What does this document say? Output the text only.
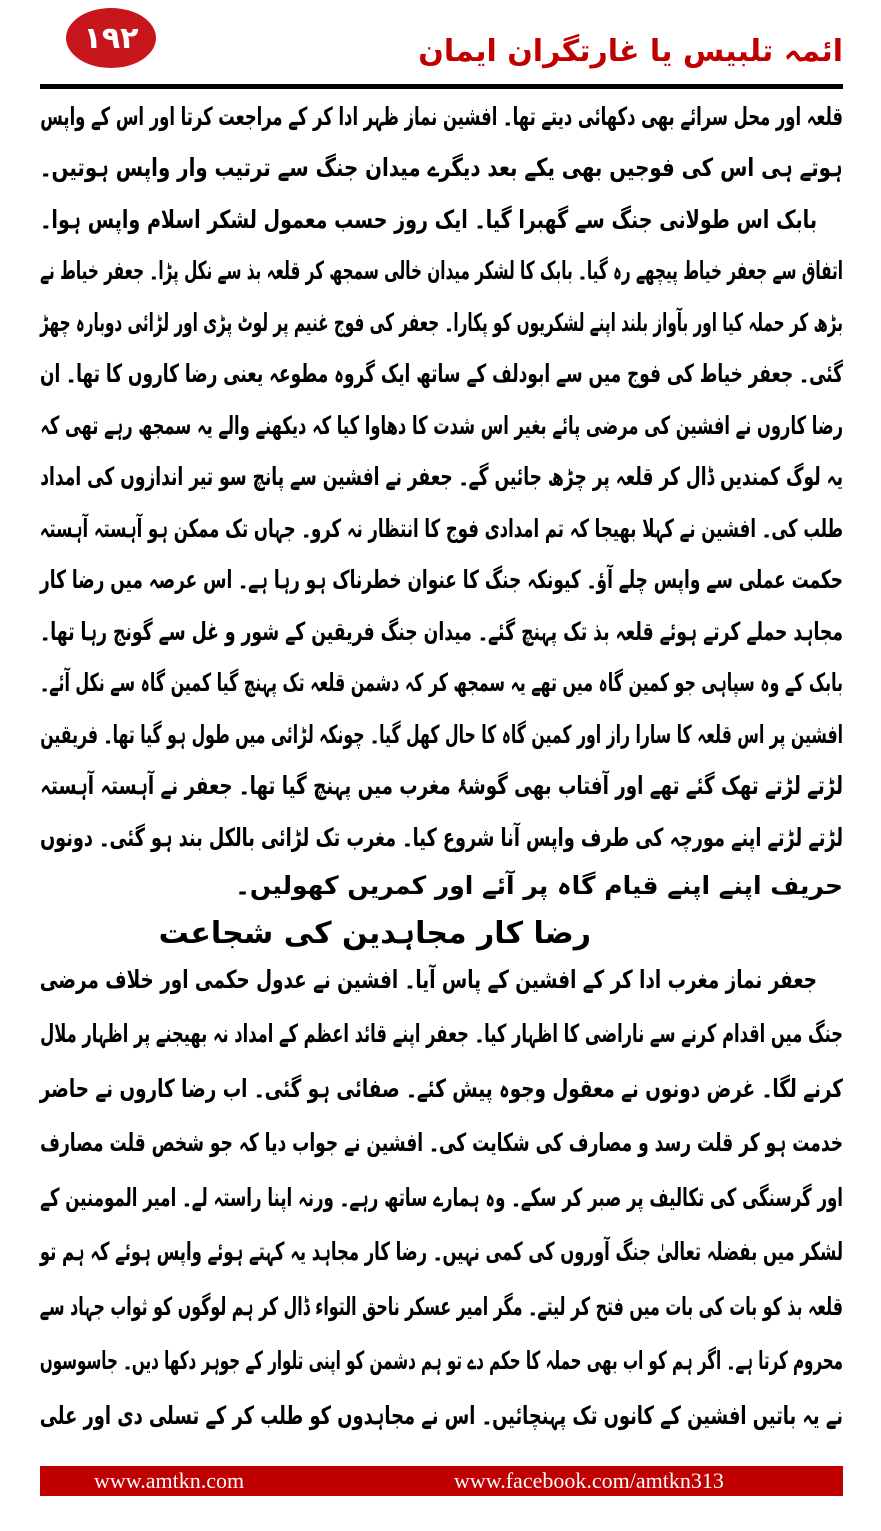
۱۹۲	ائمہ تلبیس یا غارتگران ایمان
قلعہ اور محل سرائے بھی دکھائی دیتے تھا۔ افشین نماز ظہر ادا کر کے مراجعت کرتا اور اس کے واپس
ہوتے ہی اس کی فوجیں بھی یکے بعد دیگرے میدان جنگ سے ترتیب وار واپس ہوتیں۔
بابک اس طولانی جنگ سے گھبرا گیا۔ ایک روز حسب معمول لشکر اسلام واپس ہوا۔
اتفاق سے جعفر خیاط پیچھے رہ گیا۔ بابک کا لشکر میدان خالی سمجھ کر قلعہ بذ سے نکل پڑا۔ جعفر خیاط نے
بڑھ کر حملہ کیا اور بآواز بلند اپنے لشکریوں کو پکارا۔ جعفر کی فوج غنیم پر لوٹ پڑی اور لڑائی دوبارہ چھڑ
گئی۔ جعفر خیاط کی فوج میں سے ابودلف کے ساتھ ایک گروہ مطوعہ یعنی رضا کاروں کا تھا۔ ان
رضا کاروں نے افشین کی مرضی پائے بغیر اس شدت کا دھاوا کیا کہ دیکھنے والے یہ سمجھ رہے تھی کہ
یہ لوگ کمندیں ڈال کر قلعہ پر چڑھ جائیں گے۔ جعفر نے افشین سے پانچ سو تیر اندازوں کی امداد
طلب کی۔ افشین نے کہلا بھیجا کہ تم امدادی فوج کا انتظار نہ کرو۔ جہاں تک ممکن ہو آہستہ آہستہ
حکمت عملی سے واپس چلے آؤ۔ کیونکہ جنگ کا عنوان خطرناک ہو رہا ہے۔ اس عرصہ میں رضا کار
مجاہد حملے کرتے ہوئے قلعہ بذ تک پہنچ گئے۔ میدان جنگ فریقین کے شور و غل سے گونج رہا تھا۔
بابک کے وہ سپاہی جو کمین گاہ میں تھے یہ سمجھ کر کہ دشمن قلعہ تک پہنچ گیا کمین گاہ سے نکل آئے۔
افشین پر اس قلعہ کا سارا راز اور کمین گاہ کا حال کھل گیا۔ چونکہ لڑائی میں طول ہو گیا تھا۔ فریقین
لڑتے لڑتے تھک گئے تھے اور آفتاب بھی گوشۂ مغرب میں پہنچ گیا تھا۔ جعفر نے آہستہ آہستہ
لڑتے لڑتے اپنے مورچہ کی طرف واپس آنا شروع کیا۔ مغرب تک لڑائی بالکل بند ہو گئی۔ دونوں
حریف اپنے اپنے قیام گاہ پر آئے اور کمریں کھولیں۔
رضا کار مجاہدین کی شجاعت
جعفر نماز مغرب ادا کر کے افشین کے پاس آیا۔ افشین نے عدول حکمی اور خلاف مرضی
جنگ میں اقدام کرنے سے ناراضی کا اظہار کیا۔ جعفر اپنے قائد اعظم کے امداد نہ بھیجنے پر اظہار ملال
کرنے لگا۔ غرض دونوں نے معقول وجوہ پیش کئے۔ صفائی ہو گئی۔ اب رضا کاروں نے حاضر
خدمت ہو کر قلت رسد و مصارف کی شکایت کی۔ افشین نے جواب دیا کہ جو شخص قلت مصارف
اور گرسنگی کی تکالیف پر صبر کر سکے۔ وہ ہمارے ساتھ رہے۔ ورنہ اپنا راستہ لے۔ امیر المومنین کے
لشکر میں بفضلہ تعالیٰ جنگ آوروں کی کمی نہیں۔ رضا کار مجاہد یہ کہتے ہوئے واپس ہوئے کہ ہم تو
قلعہ بذ کو بات کی بات میں فتح کر لیتے۔ مگر امیر عسکر ناحق التواء ڈال کر ہم لوگوں کو ثواب جہاد سے
محروم کرتا ہے۔ اگر ہم کو اب بھی حملہ کا حکم دے تو ہم دشمن کو اپنی تلوار کے جوہر دکھا دیں۔ جاسوسوں
نے یہ باتیں افشین کے کانوں تک پہنچائیں۔ اس نے مجاہدوں کو طلب کر کے تسلی دی اور علی
www.amtkn.com	www.facebook.com/amtkn313
